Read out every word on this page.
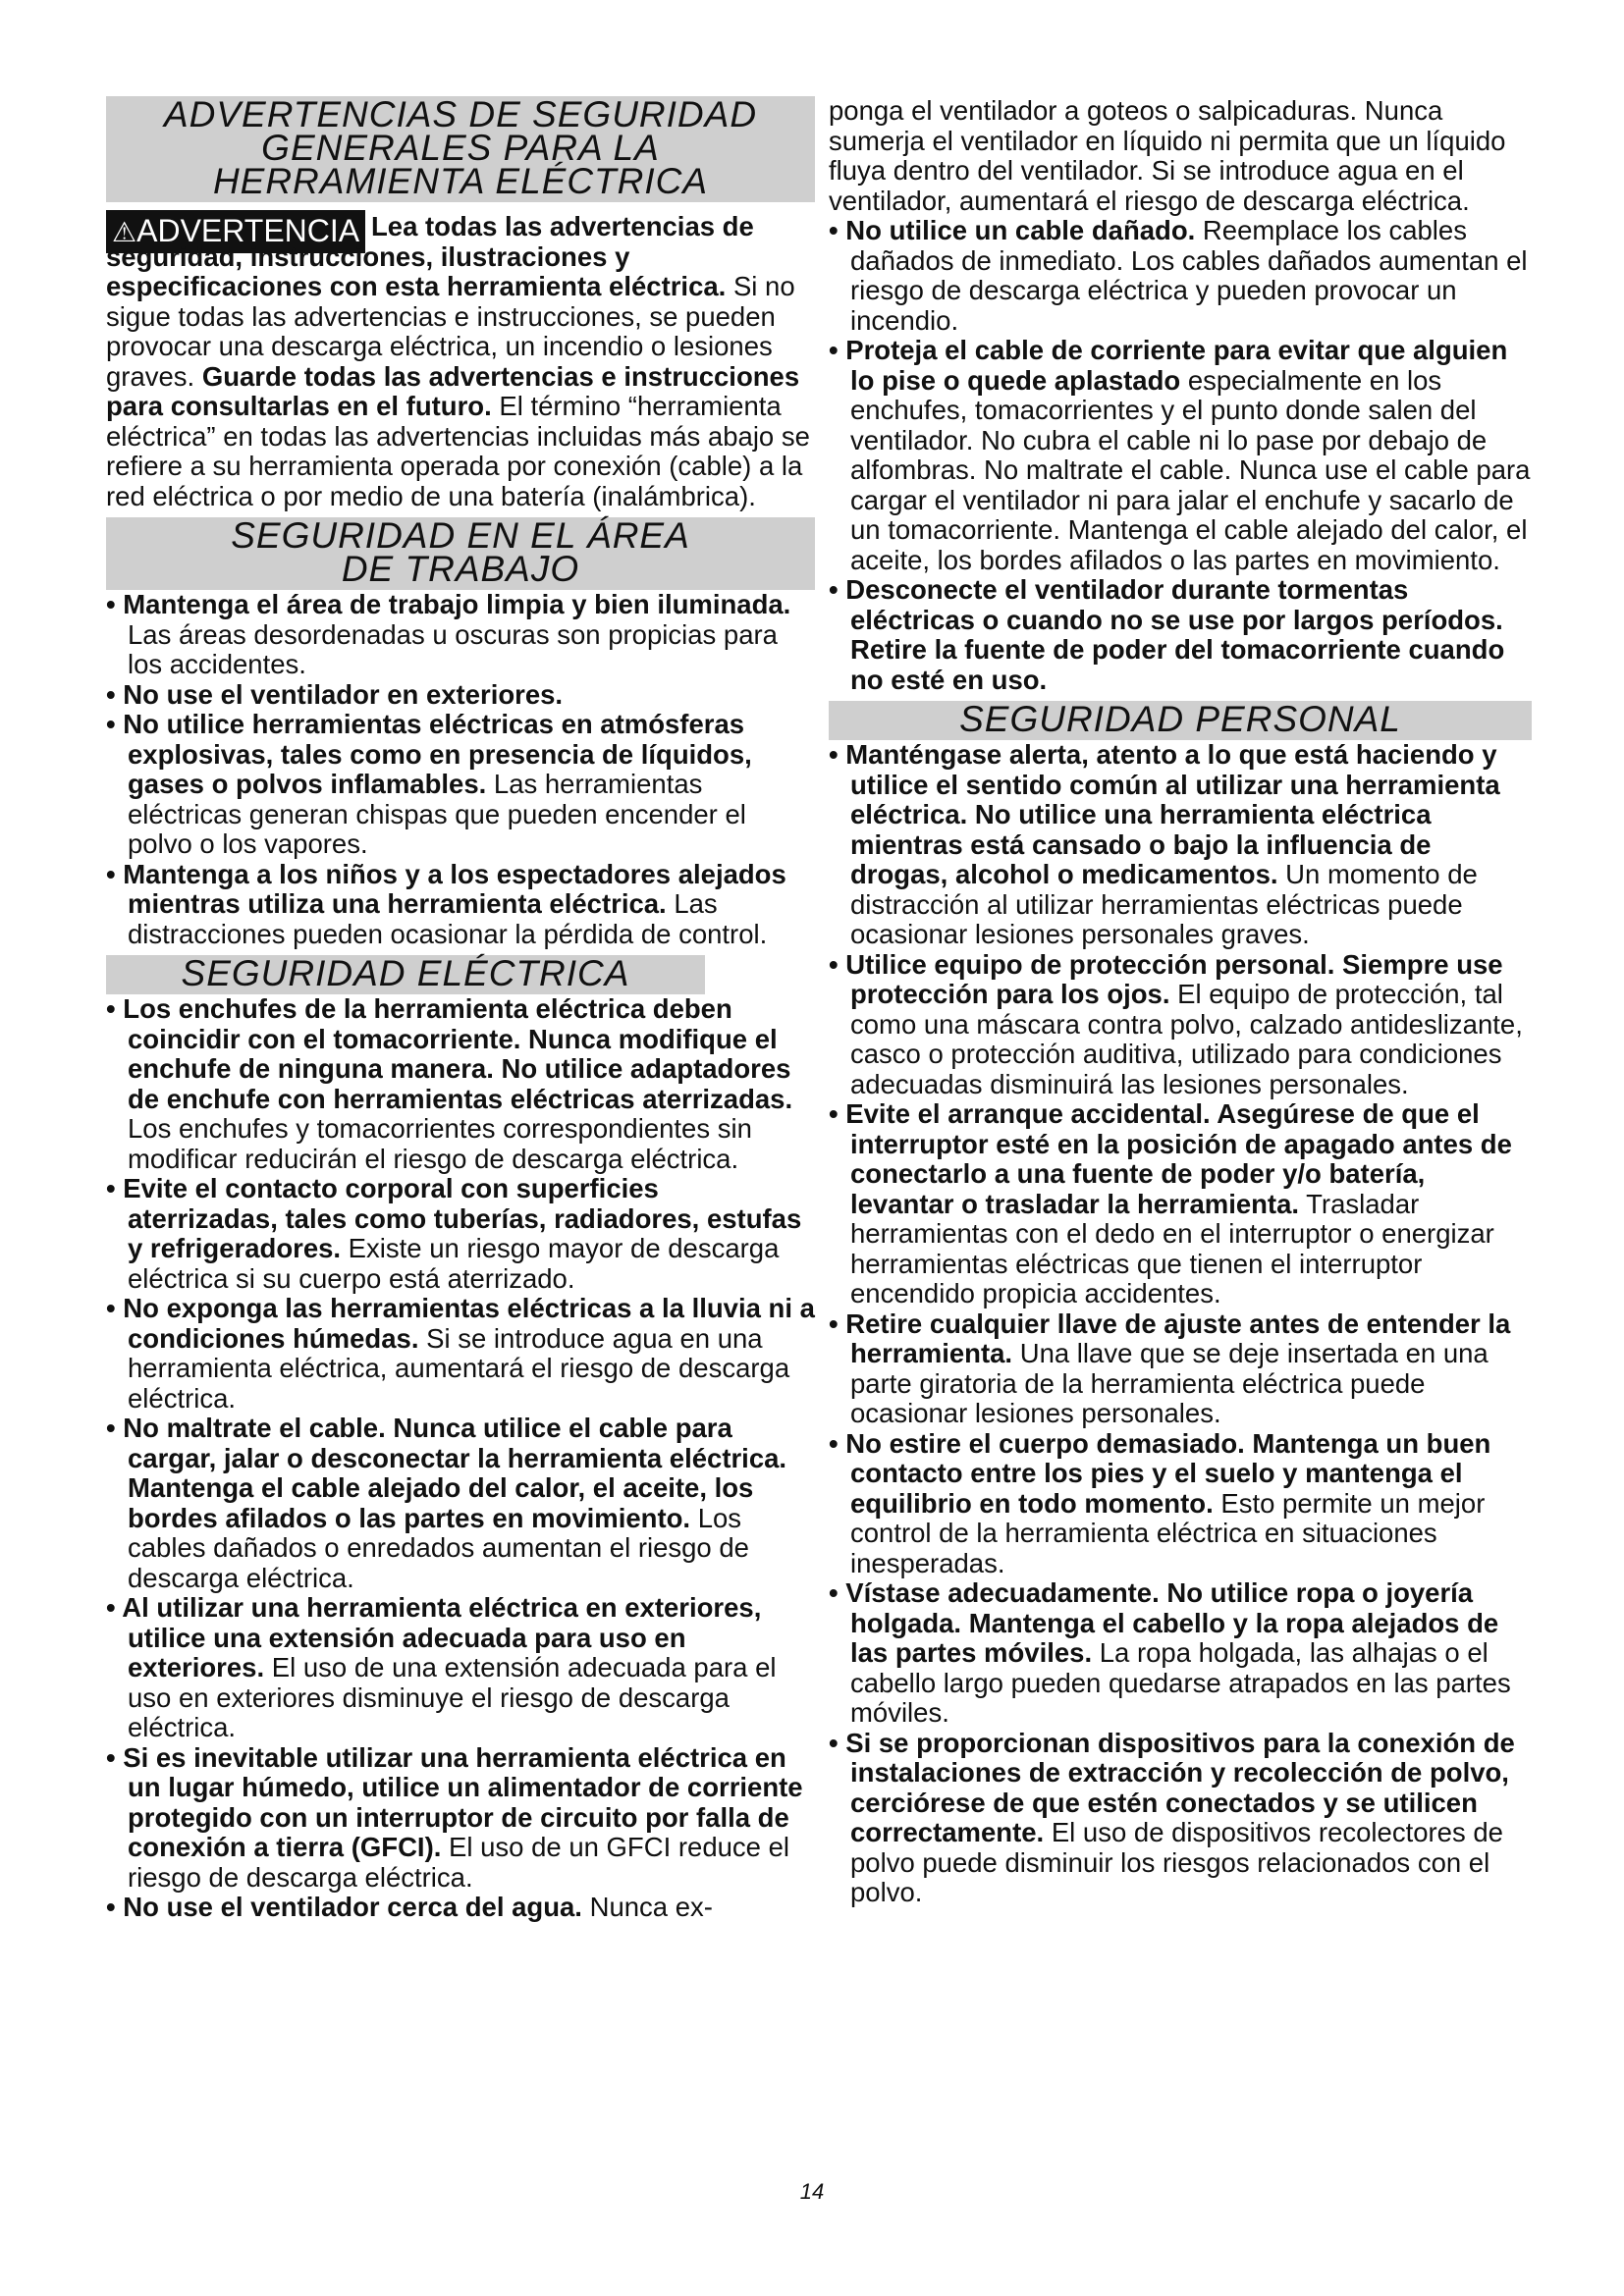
ADVERTENCIAS DE SEGURIDAD
GENERALES PARA LA
HERRAMIENTA ELÉCTRICA
⚠ADVERTENCIA Lea todas las advertencias de seguridad, instrucciones, ilustraciones y especificaciones con esta herramienta eléctrica. Si no sigue todas las advertencias e instrucciones, se pueden provocar una descarga eléctrica, un incendio o lesiones graves. Guarde todas las advertencias e instrucciones para consultarlas en el futuro. El término “herramienta eléctrica” en todas las advertencias incluidas más abajo se refiere a su herramienta operada por conexión (cable) a la red eléctrica o por medio de una batería (inalámbrica).

SEGURIDAD EN EL ÁREA
DE TRABAJO

• Mantenga el área de trabajo limpia y bien iluminada. Las áreas desordenadas u oscuras son propicias para los accidentes.

• No use el ventilador en exteriores.

• No utilice herramientas eléctricas en atmósferas explosivas, tales como en presencia de líquidos, gases o polvos inflamables. Las herramientas eléctricas generan chispas que pueden encender el polvo o los vapores.

• Mantenga a los niños y a los espectadores alejados mientras utiliza una herramienta eléctrica. Las distracciones pueden ocasionar la pérdida de control.

SEGURIDAD ELÉCTRICA

• Los enchufes de la herramienta eléctrica deben coincidir con el tomacorriente. Nunca modifique el enchufe de ninguna manera. No utilice adaptadores de enchufe con herramientas eléctricas aterrizadas. Los enchufes y tomacorrientes correspondientes sin modificar reducirán el riesgo de descarga eléctrica.

• Evite el contacto corporal con superficies aterrizadas, tales como tuberías, radiadores, estufas y refrigeradores. Existe un riesgo mayor de descarga eléctrica si su cuerpo está aterrizado.

• No exponga las herramientas eléctricas a la lluvia ni a condiciones húmedas. Si se introduce agua en una herramienta eléctrica, aumentará el riesgo de descarga eléctrica.

• No maltrate el cable. Nunca utilice el cable para cargar, jalar o desconectar la herramienta eléctrica. Mantenga el cable alejado del calor, el aceite, los bordes afilados o las partes en movimiento. Los cables dañados o enredados aumentan el riesgo de descarga eléctrica.

• Al utilizar una herramienta eléctrica en exteriores, utilice una extensión adecuada para uso en exteriores. El uso de una extensión adecuada para el uso en exteriores disminuye el riesgo de descarga eléctrica.

• Si es inevitable utilizar una herramienta eléctrica en un lugar húmedo, utilice un alimentador de corriente protegido con un interruptor de circuito por falla de conexión a tierra (GFCI). El uso de un GFCI reduce el riesgo de descarga eléctrica.

• No use el ventilador cerca del agua. Nunca ex-

ponga el ventilador a goteos o salpicaduras. Nunca sumerja el ventilador en líquido ni permita que un líquido fluya dentro del ventilador. Si se introduce agua en el ventilador, aumentará el riesgo de descarga eléctrica.

• No utilice un cable dañado. Reemplace los cables dañados de inmediato. Los cables dañados aumentan el riesgo de descarga eléctrica y pueden provocar un incendio.

• Proteja el cable de corriente para evitar que alguien lo pise o quede aplastado especialmente en los enchufes, tomacorrientes y el punto donde salen del ventilador. No cubra el cable ni lo pase por debajo de alfombras. No maltrate el cable. Nunca use el cable para cargar el ventilador ni para jalar el enchufe y sacarlo de un tomacorriente. Mantenga el cable alejado del calor, el aceite, los bordes afilados o las partes en movimiento.

• Desconecte el ventilador durante tormentas eléctricas o cuando no se use por largos períodos. Retire la fuente de poder del tomacorriente cuando no esté en uso.

SEGURIDAD PERSONAL

• Manténgase alerta, atento a lo que está haciendo y utilice el sentido común al utilizar una herramienta eléctrica. No utilice una herramienta eléctrica mientras está cansado o bajo la influencia de drogas, alcohol o medicamentos. Un momento de distracción al utilizar herramientas eléctricas puede ocasionar lesiones personales graves.

• Utilice equipo de protección personal. Siempre use protección para los ojos. El equipo de protección, tal como una máscara contra polvo, calzado antideslizante, casco o protección auditiva, utilizado para condiciones adecuadas disminuirá las lesiones personales.

• Evite el arranque accidental. Asegúrese de que el interruptor esté en la posición de apagado antes de conectarlo a una fuente de poder y/o batería, levantar o trasladar la herramienta. Trasladar herramientas con el dedo en el interruptor o energizar herramientas eléctricas que tienen el interruptor encendido propicia accidentes.

• Retire cualquier llave de ajuste antes de entender la herramienta. Una llave que se deje insertada en una parte giratoria de la herramienta eléctrica puede ocasionar lesiones personales.

• No estire el cuerpo demasiado. Mantenga un buen contacto entre los pies y el suelo y mantenga el equilibrio en todo momento. Esto permite un mejor control de la herramienta eléctrica en situaciones inesperadas.

• Vístase adecuadamente. No utilice ropa o joyería holgada. Mantenga el cabello y la ropa alejados de las partes móviles. La ropa holgada, las alhajas o el cabello largo pueden quedarse atrapados en las partes móviles.

• Si se proporcionan dispositivos para la conexión de instalaciones de extracción y recolección de polvo, cerciórese de que estén conectados y se utilicen correctamente. El uso de dispositivos recolectores de polvo puede disminuir los riesgos relacionados con el polvo.

14
